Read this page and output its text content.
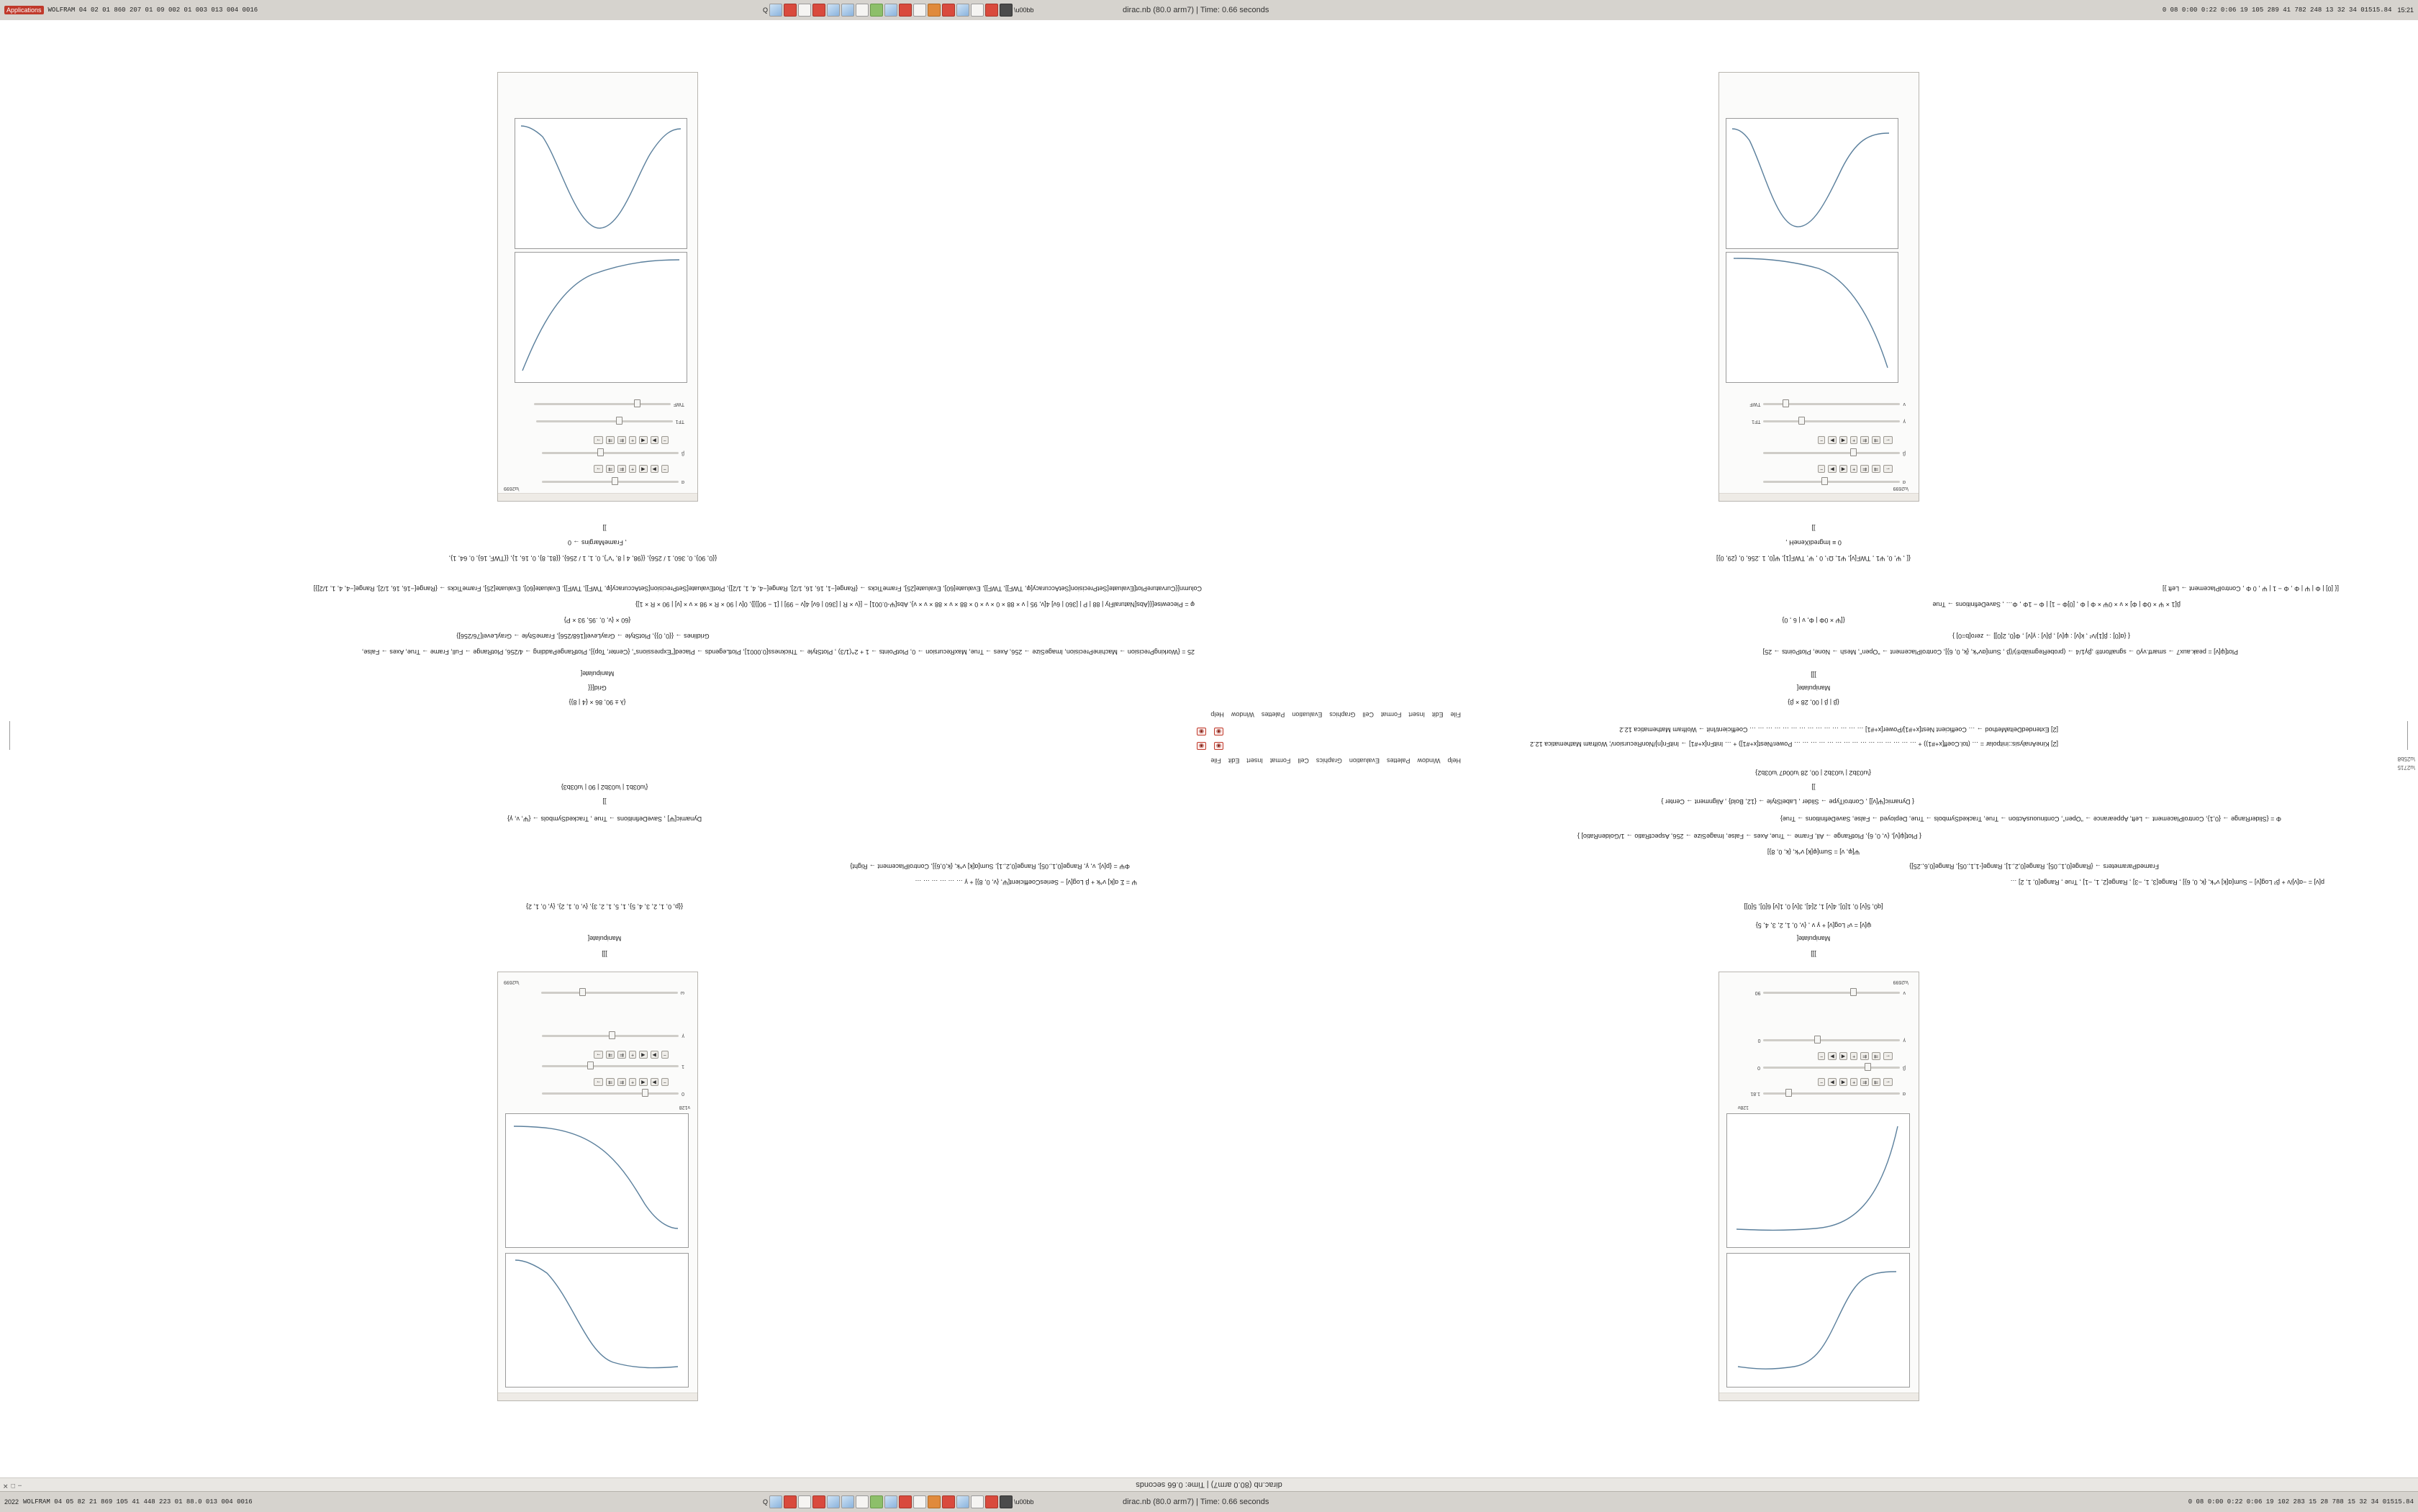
Applications	WOLFRAM 04 02 01 860 207 01 09 002 01 003 013 004 0016	Q	\u00bb	dirac.nb (80.0 arm7) | Time: 0.66 seconds	0 08 0:00 0:22 0:06 19 105 289 41 782 248 13 32 34 01515.84 15:21
dirac.nb (80.0 arm7) | Time: 0.66 seconds
–
□
✕
\u2715
\u25b8
128ν
α
1.81
←
⇉
⇇
+
◀
▶
−
β
0
←
⇉
⇇
+
◀
▶
−
γ
0
ν
90
\u2699
ν128
0
−
▶
◀
+
⇇
⇉
→
1
−
▶
◀
+
⇇
⇉
→
γ
ω
\u2699
]]]
Manipulate[
ψ[ν] = ν² Log[ν] + γ ν , {ν, 0, 1, 2, 3, 4, 5}
[q0, 5[ν] 0, 1[0], 4[ν] 1, 2[4], 3[ν] 0, 1[ν] 6[0], 5[0]]
p[ν] = −α[ν]/ν + β² Log[ν] − Sum[α[k] ν^k, {k, 0, 6}] , Range[3, 1, −3] , Range[2, 1, −1] , True , Range[0, 1, 2] …
FramedParameters → {Range[0,1,.05], Range[0,2,.1], Range[-1,1,.05], Range[0,6,.25]}
Ψ[φ, ν] = Sum[φ[k] ν^k, {k, 0, 8}]
{ Plot[ψ[ν], {ν, 0, 6}, PlotRange → All, Frame → True, Axes → False, ImageSize → 256, AspectRatio → 1/GoldenRatio] }
Φ = {SliderRange → {0,1}, ControlPlacement → Left, Appearance → "Open", ContinuousAction → True, TrackedSymbols → True, Deployed → False, SaveDefinitions → True}
{ Dynamic[Ψ[ν]] , ControlType → Slider , LabelStyle → {12, Bold} , Alignment → Center }
]]
{\u03b2 | \u03b2 | 00, 28 \u00d7 \u03b2}
]]]
Manipulate[
{{p, 0, 1, 2, 3, 4, 5}, 1, 5, 1, 2, 3}, {ν, 0, 1, 2}, {γ, 0, 1, 2}
Ψ = Σ α[k] ν^k + β Log[ν] − SeriesCoefficient[Ψ, {ν, 0, 8}] + γ … … … … … …
ΦΨ = {p[ν], ν, γ, Range[0,1,.05], Range[0,2,.1], Sum[α[k] ν^k, {k,0,6}], ControlPlacement → Right}
Dynamic[Ψ] , SaveDefinitions → True , TrackedSymbols → {Ψ, ν, γ}
]]
{\u03b1 | \u03b2 | 90 | \u03b3}
Help
Window
Palettes
Evaluation
Graphics
Cell
Format
Insert
Edit
File
File
Edit
Insert
Format
Cell
Graphics
Evaluation
Palettes
Window
Help
[2] KineAnalysis::initpolar = … (tol.Coeff[x+#1)) + … … … … … … … … … … … … … … … Power/Nest[x+#1]) + … InitFn[x+#1] → InitFn[n]/NonRecursion/; Wolfram Mathematica 12.2
◉
◉
[2] ExtendedDeltaMethod → … Coefficient Nest[x+#1]/Power[x+#1] … … … … … … … … … … … … … … Coefficient/Init → Wolfram Mathematica 12.2
◉
◉
{β | β | 00, 28 × β}
Manipulate[
]]]
Plot[ψ[ν] = peak.aux7 → smartf.νγ0 → sgnalfont® ,βγ1/4 → (probeRegmiäb®)/(β , Sum[αν^k, {k, 0, 6}], ControlPlacement → "Open", Mesh → None, PlotPoints → 25]
{ {α[0] : β[1]/ν² , k[ν] : ψ[ν] , β[ν] : γ[ν] , Φ[0, 2[0]] → zero[b=0] }
{[Ψ × 0Φ | Φ, ν | 6 , 0}
β[1 × Ψ × 0Φ | Φ] × ν × 0Ψ × Φ | Φ , [0]Φ − 1] | Φ − 1Φ , Φ… , SaveDefinitions → True
[{ [0] | Φ | Ψ | Φ , Φ − 1 | Ψ , 0 Φ , ControlPlacement → Left }]
{[ , Ψ, 0, Ψ1 , TWF[ν], Ψ1, Ω¹, 0 , Ψ, TWF[1], Ψ[0, 1 .256, 0, {29, 0}]
0 ≡ ImgrediXeneH ,
]]
{λ ± 90, 86 × {4 | 8}}
Grid[{{
Manipulate[
25 = {WorkingPrecision → MachinePrecision, ImageSize → 256, Axes → True, MaxRecursion → 0, PlotPoints → 1 + 2^(1/3) , PlotStyle → Thickness[0.0001], PlotLegends → Placed["Expressions", {Center, Top}], PlotRangePadding → 4/256, PlotRange → Full, Frame → True, Axes → False,
Gridlines → {{0, 0}}, PlotStyle → GrayLevel[168/256], FrameStyle → GrayLevel[76/256]}
{60 × {ν, 0, .95, 93 × P}
φ = Piecewise[{{Abs[NaturalFly | 88 | P | [360 | 6ν] 4[ν, 95 | ν × 88 × 0 × ν × 0 × 88 × ν × 88 × ν × ν}, Abs[Ψ-0.001] − [{ν × R | [360 | 6ν] 4[ν − 99] | [1 − 90]}]}, 0[ν | 90 × R × 98 × ν × [ν] | 90 × R × 1]}
Column[{CurvaturePlot[Evaluate[SetPrecision[SetAccuracy[φ, TWF]], TWF]], Evaluate[60], Evaluate[25], FrameTicks → {Range[−1, 16, 16, 1/2], Range[−4, 4, 1, 1/2]}, PlotEvaluate[SetPrecision[SetAccuracy[φ, TWF]], TWF]], Evaluate[60], Evaluate[25], FrameTicks → {Range[−16, 16, 1/2], Range[−4, 4, 1, 1/2]}]
{{0, 90}, 0, 360, 1 / 256}, {{98, 4 | 8, "ν"}, 0, 1, 1 / 256}, {{81, 8}, 0, 16, 1}, {{TWF, 16}, 0, 64, 1},
, FrameMargins → 0
]]
α
←
⇉
⇇
+
◀
▶
−
β
←
⇉
⇇
+
◀
▶
−
γ
TF1
ν
TWF
\u2699
α
−
▶
◀
+
⇇
⇉
→
β
−
▶
◀
+
⇇
⇉
→
TF1
TWF
\u2699
2022 WOLFRAM 04 05 82 21 869 105 41 448 223 01 88.0 013 004 0016	Q	\u00bb	dirac.nb (80.0 arm7) | Time: 0.66 seconds	0 08 0:00 0:22 0:06 19 102 283 15 28 788 15 32 34 01515.84
